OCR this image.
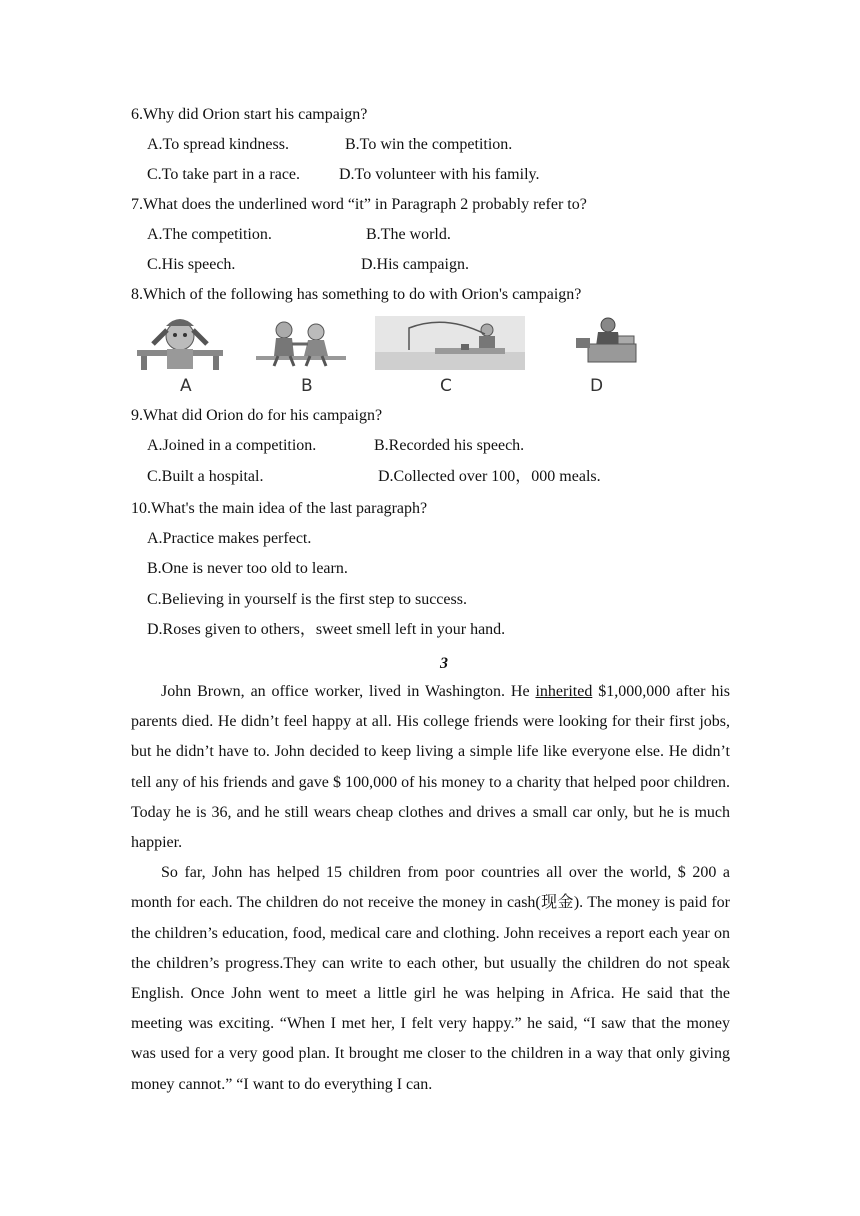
6.Why did Orion start his campaign?
A.To spread kindness.	B.To win the competition.
C.To take part in a race. D.To volunteer with his family.
7.What does the underlined word “it” in Paragraph 2 probably refer to?
A.The competition.	B.The world.
C.His speech.	D.His campaign.
8.Which of the following has something to do with Orion's campaign?
A	B	C	D
9.What did Orion do for his campaign?
A.Joined in a competition.	B.Recorded his speech.
C.Built a hospital.	D.Collected over 100，000 meals.
10.What's the main idea of the last paragraph?
A.Practice makes perfect.
B.One is never too old to learn.
C.Believing in yourself is the first step to success.
D.Roses given to others，sweet smell left in your hand.
3

John Brown, an office worker, lived in Washington. He inherited $1,000,000 after his parents died. He didn’t feel happy at all. His college friends were looking for their first jobs, but he didn’t have to. John decided to keep living a simple life like everyone else. He didn’t tell any of his friends and gave $ 100,000 of his money to a charity that helped poor children. Today he is 36, and he still wears cheap clothes and drives a small car only, but he is much happier.

So far, John has helped 15 children from poor countries all over the world, $ 200 a month for each. The children do not receive the money in cash(现金). The money is paid for the children’s education, food, medical care and clothing. John receives a report each year on the children’s progress.They can write to each other, but usually the children do not speak English. Once John went to meet a little girl he was helping in Africa. He said that the meeting was exciting. “When I met her, I felt very happy.” he said, “I saw that the money was used for a very good plan. It brought me closer to the children in a way that only giving money cannot.” “I want to do everything I can.
